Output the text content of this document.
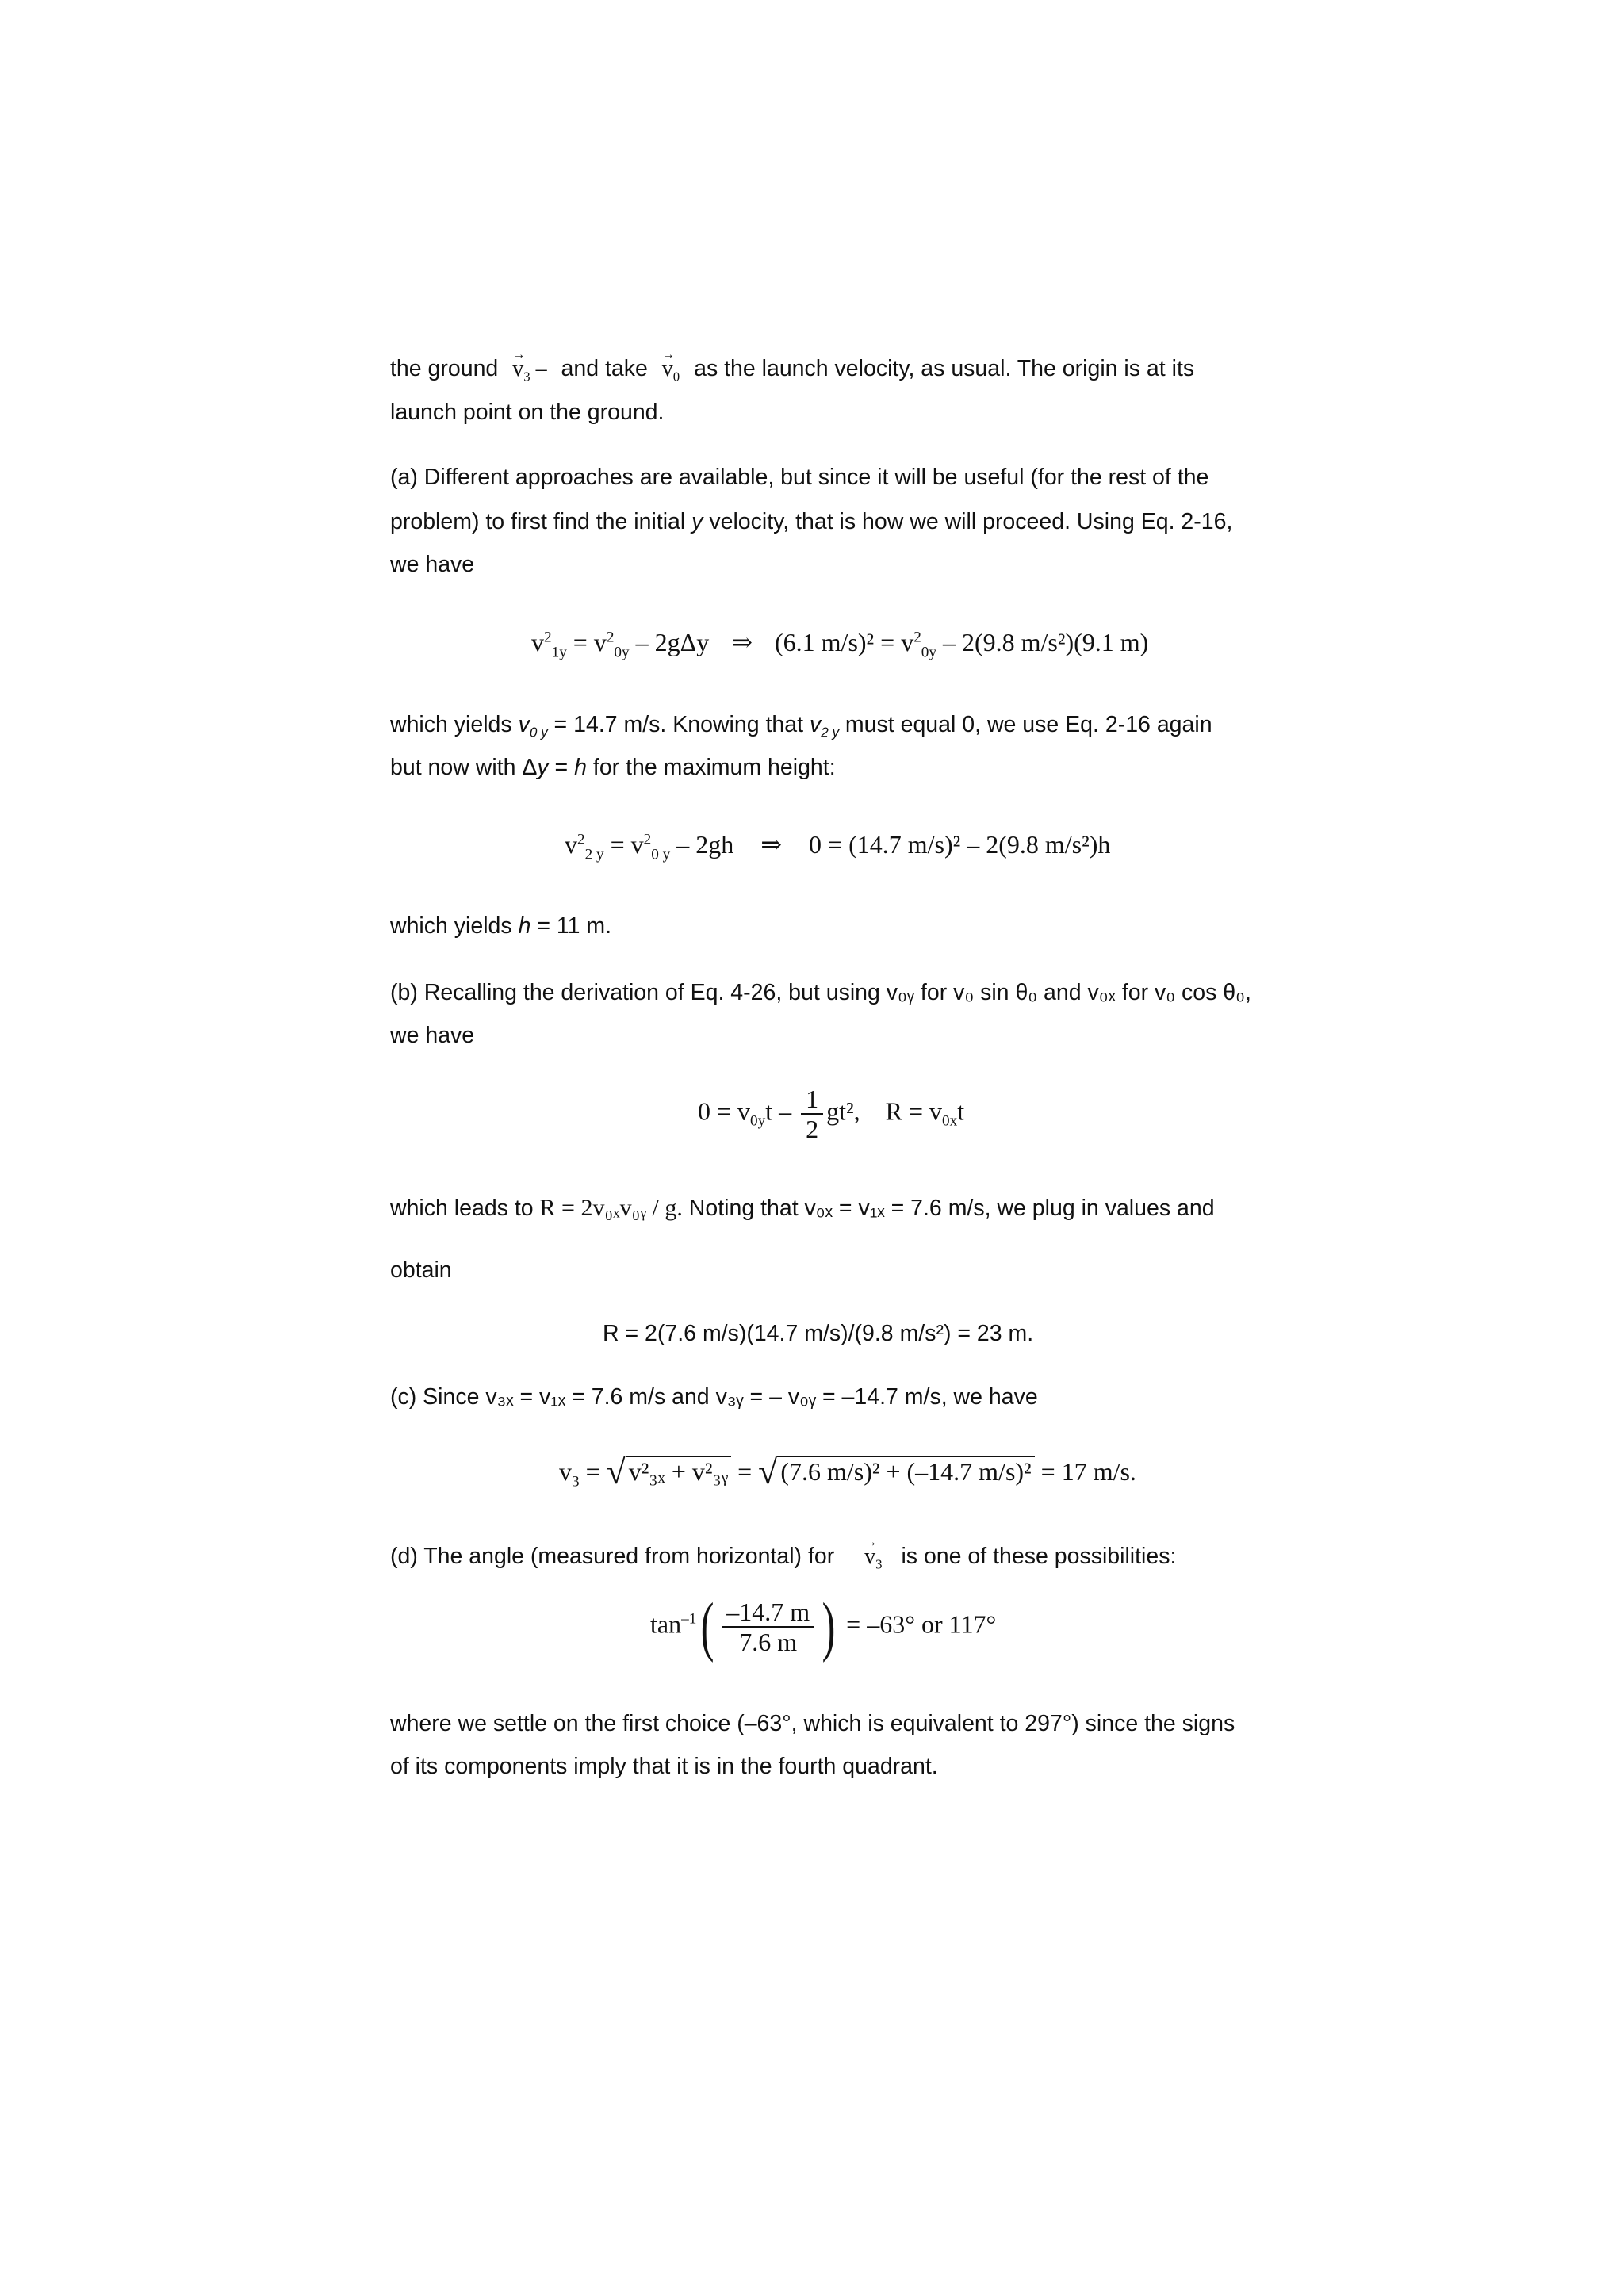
the ground → $v_3$ – and take → $v_0$ as the launch velocity, as usual. The origin is at its
launch point on the ground.
(a) Different approaches are available, but since it will be useful (for the rest of the
problem) to first find the initial y velocity, that is how we will proceed. Using Eq. 2-16,
we have
$v^2_{1y} = v^2_{0y} - 2g\Delta y$ ⇒ (6.1 $m/s)^2 = v^2_{0y} - 2(9.8$ m/s²)(9.1 m)
which yields $v_{0 y} = 14.7$ m/s. Knowing that $v_{2 y}$ must equal 0, we use Eq. 2-16 again
but now with Δy = h for the maximum height:
$v^2_{2 y} = v^2_{0 y} - 2gh$ ⇒ 0 = (14.7 m/s)² – 2(9.8 m/s²)h
which yields h = 11 m.
(b) Recalling the derivation of Eq. 4-26, but using v₀ᵧ for v₀ sin θ₀ and v₀ₓ for v₀ cos θ₀,
we have
$0 = v_{0y}t - \frac{1}{2} gt^2$,    $R = v_{0x}t$
which leads to R = 2v₀ₓv₀ᵧ / g. Noting that v₀ₓ = v₁ₓ = 7.6 m/s, we plug in values and
obtain
R = 2(7.6 m/s)(14.7 m/s)/(9.8 m/s²) = 23 m.
(c) Since v₃ₓ = v₁ₓ = 7.6 m/s and v₃ᵧ = – v₀ᵧ = –14.7 m/s, we have
$v_3$ = √ v²₃ₓ + v²₃ᵧ = √ (7.6 m/s)² + (–14.7 m/s)² = 17 m/s.
(d) The angle (measured from horizontal) for → $v_3$ is one of these possibilities:
$\tan^{-1}( \frac{-14.7 m}{7.6 m}$ ) = –63° or 117°
where we settle on the first choice (–63°, which is equivalent to 297°) since the signs
of its components imply that it is in the fourth quadrant.
